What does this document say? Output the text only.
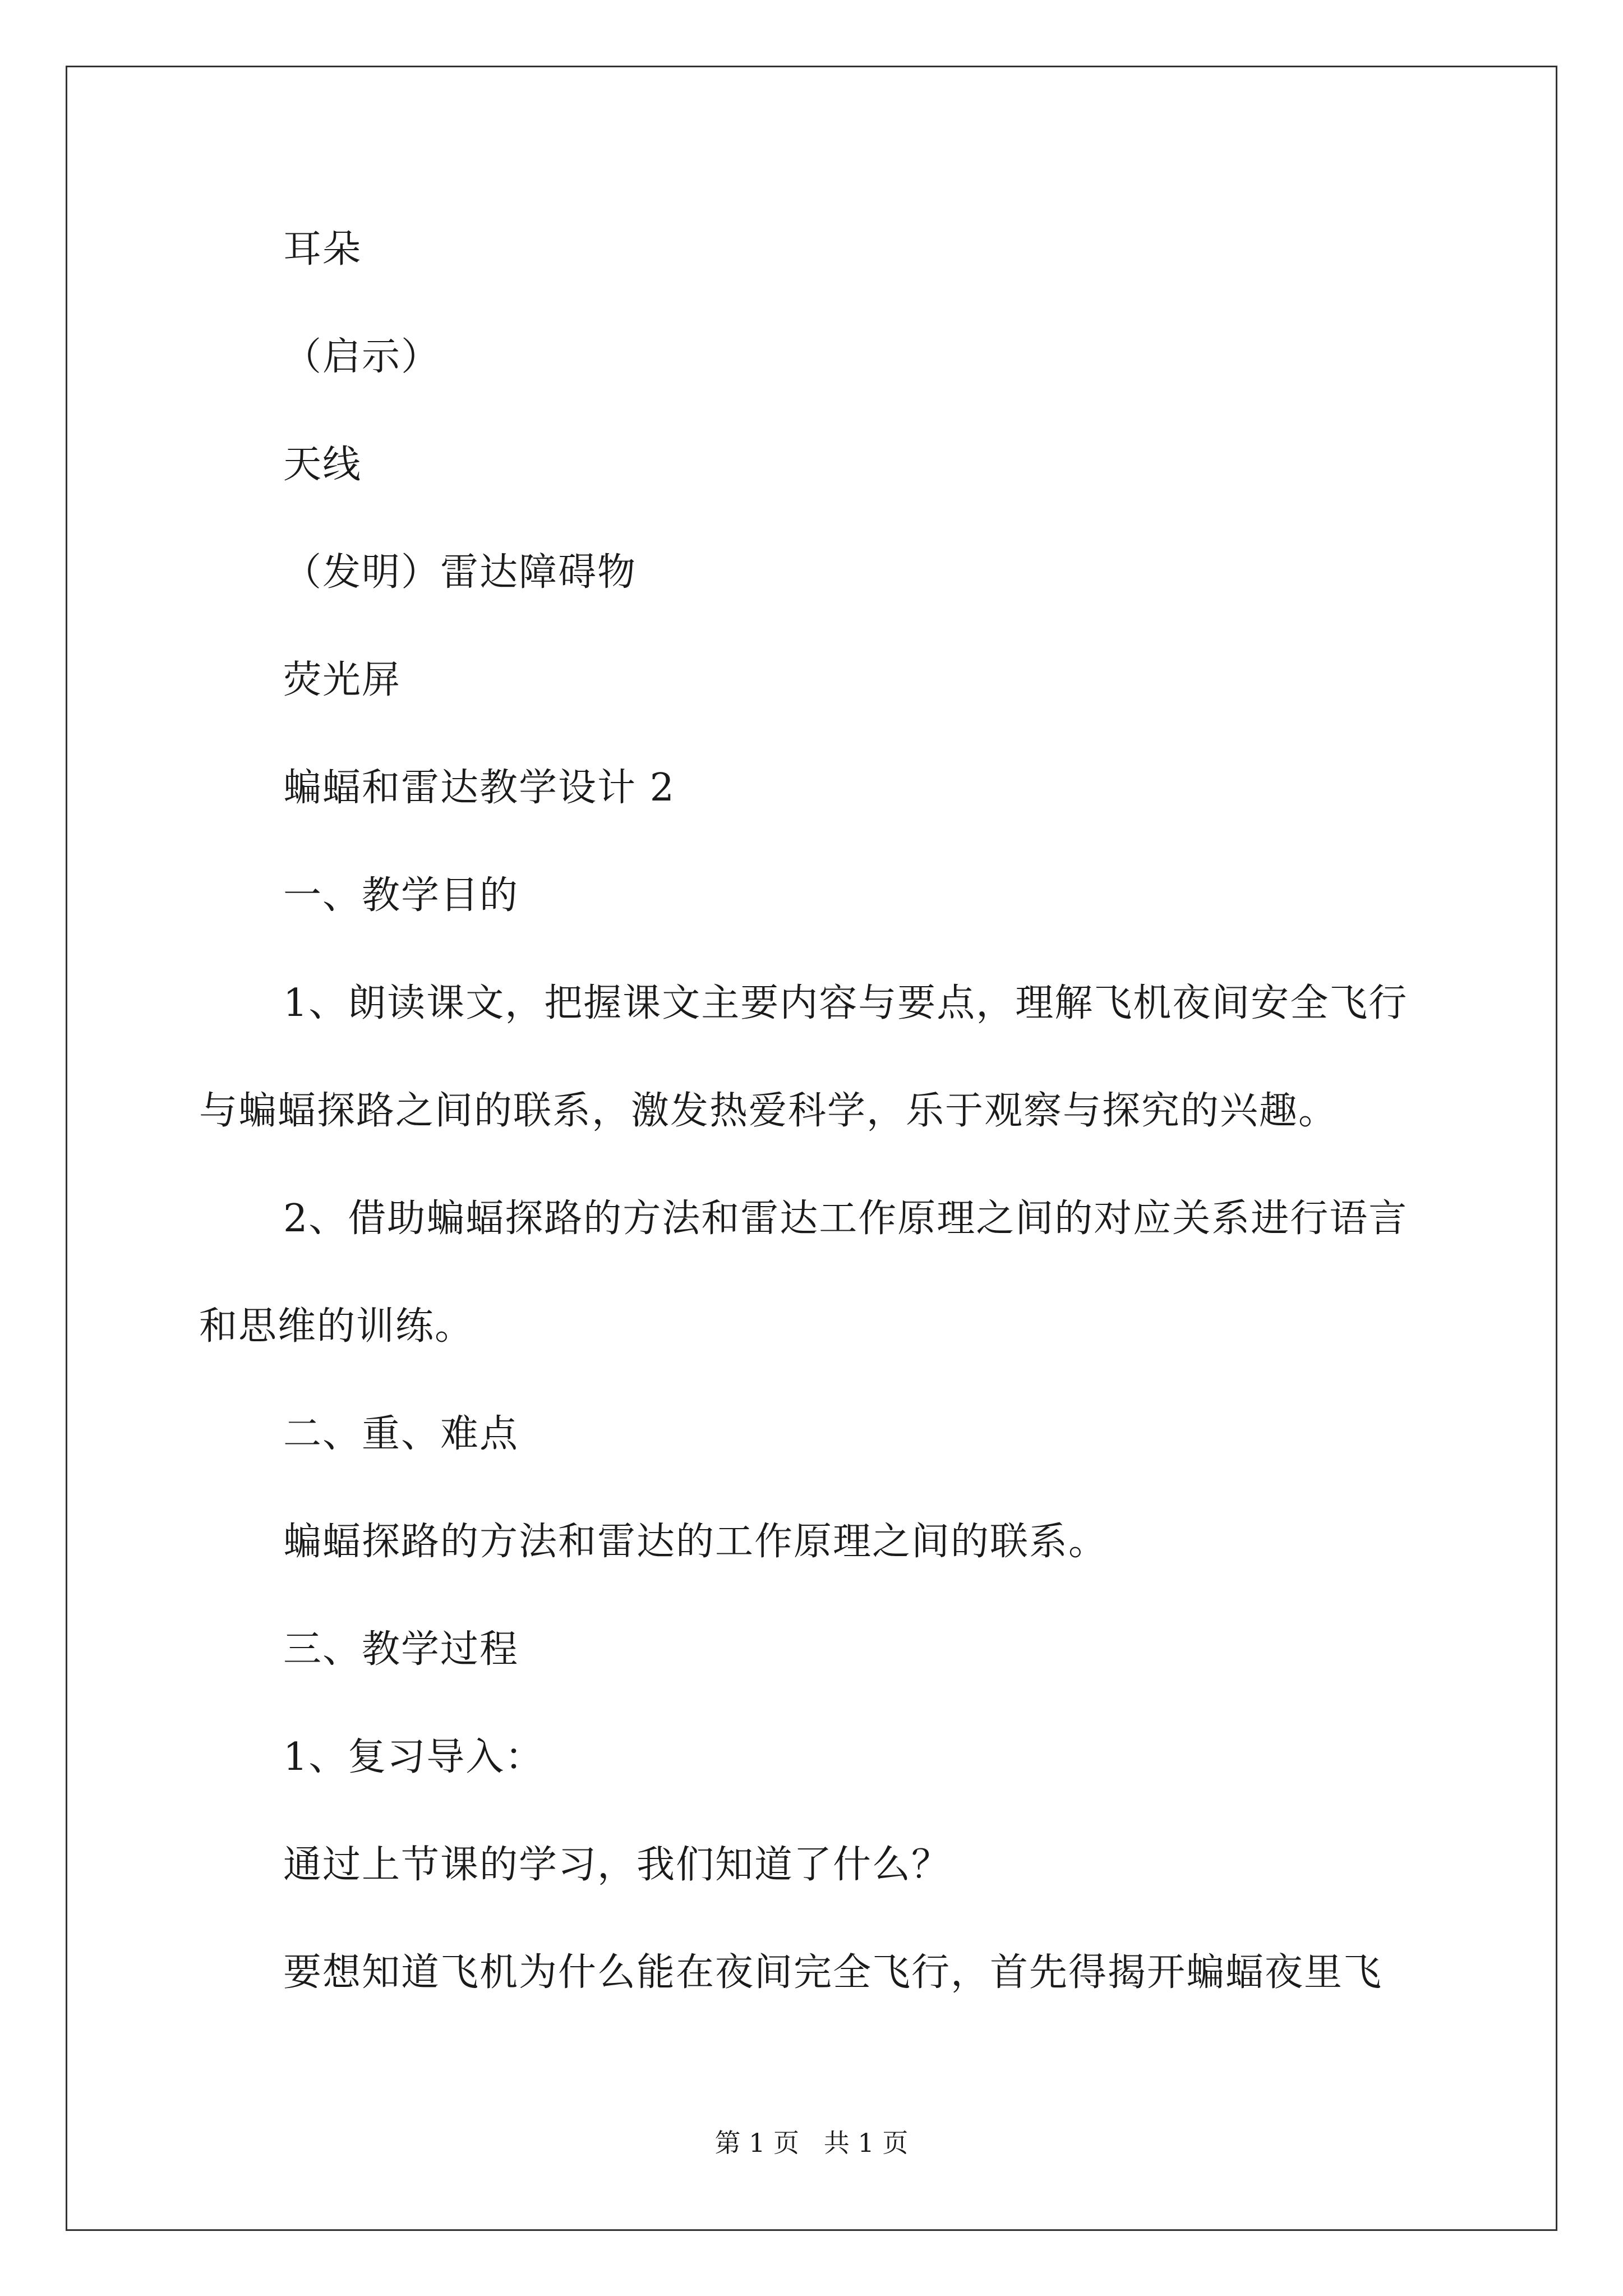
耳朵
（启示）
天线
（发明）雷达障碍物
荧光屏
蝙蝠和雷达教学设计 2
一、教学目的
1、朗读课文，把握课文主要内容与要点，理解飞机夜间安全飞行
与蝙蝠探路之间的联系，激发热爱科学，乐于观察与探究的兴趣。
2、借助蝙蝠探路的方法和雷达工作原理之间的对应关系进行语言
和思维的训练。
二、重、难点
蝙蝠探路的方法和雷达的工作原理之间的联系。
三、教学过程
1、复习导入：
通过上节课的学习，我们知道了什么？
要想知道飞机为什么能在夜间完全飞行，首先得揭开蝙蝠夜里飞
第 1 页   共 1 页
